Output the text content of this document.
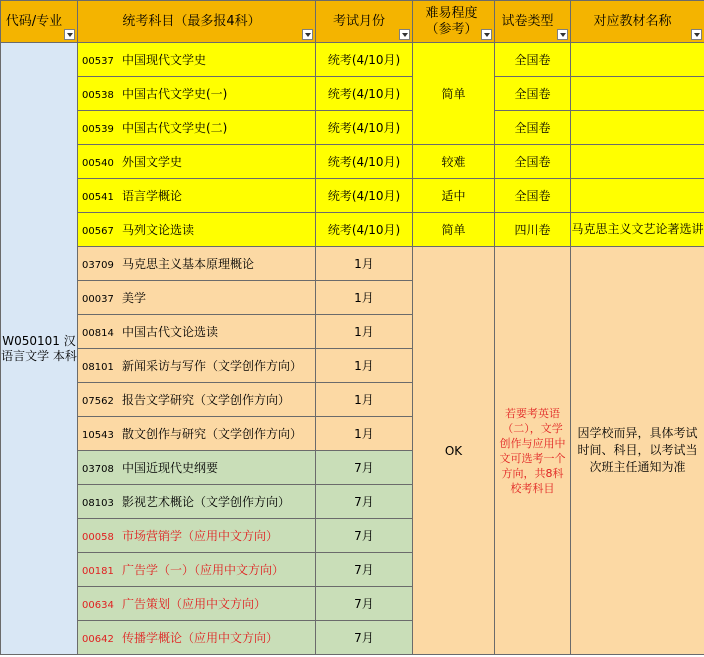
代码/专业	统考科目（最多报4科）	考试月份	难易程度（参考）	试卷类型	对应教材名称

W050101 汉语言文学 本科	00537 中国现代文学史	统考(4/10月)	简单	全国卷	
	00538 中国古代文学史(一)	统考(4/10月)		全国卷	
	00539 中国古代文学史(二)	统考(4/10月)		全国卷	
	00540 外国文学史	统考(4/10月)	较难	全国卷	
	00541 语言学概论	统考(4/10月)	适中	全国卷	
	00567 马列文论选读	统考(4/10月)	简单	四川卷	马克思主义文艺论著选讲
	03709 马克思主义基本原理概论	1月	OK	若要考英语（二），文学创作与应用中文可选考一个方向，共8科校考科目	因学校而异，具体考试时间、科目，以考试当次班主任通知为准
	00037 美学	1月			
	00814 中国古代文论选读	1月			
	08101 新闻采访与写作（文学创作方向）	1月			
	07562 报告文学研究（文学创作方向）	1月			
	10543 散文创作与研究（文学创作方向）	1月			
	03708 中国近现代史纲要	7月			
	08103 影视艺术概论（文学创作方向）	7月			
	00058 市场营销学（应用中文方向）	7月			
	00181 广告学（一）（应用中文方向）	7月			
	00634 广告策划（应用中文方向）	7月			
	00642 传播学概论（应用中文方向）	7月			
